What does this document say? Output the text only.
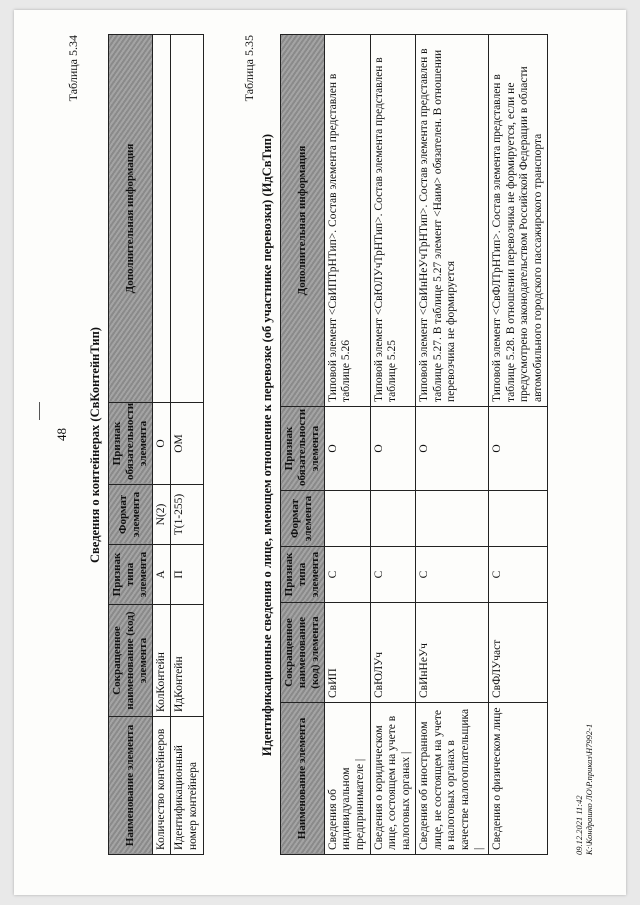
48
Таблица 5.34
Сведения о контейнерах (СвКонтейнТип)
Наименование элемента	Сокращенное наименование (код) элемента	Признак типа элемента	Формат элемента	Признак обязательности элемента	Дополнительная информация
Количество контейнеров	КолКонтейн	А	N(2)	О	
Идентификационный номер контейнера	ИдКонтейн	П	T(1-255)	ОМ	
Таблица 5.35
Идентификационные сведения о лице, имеющем отношение к перевозке (об участнике перевозки) (ИдСвТип)
Наименование элемента	Сокращенное наименование (код) элемента	Признак типа элемента	Формат элемента	Признак обязательности элемента	Дополнительная информация
Сведения об индивидуальном предпринимателе |	СвИП	С		О	Типовой элемент <СвИПТрНТип>. Состав элемента представлен в таблице 5.26
Сведения о юридическом лице, состоящем на учете в налоговых органах |	СвЮЛУч	С		О	Типовой элемент <СвЮЛУчТрНТип>. Состав элемента представлен в таблице 5.25
Сведения об иностранном лице, не состоящем на учете в налоговых органах в качестве налогоплательщика |	СвИнНеУч	С		О	Типовой элемент <СвИнНеУчТрНТип>. Состав элемента представлен в таблице 5.27. В таблице 5.27 элемент <Наим> обязателен. В отношении перевозчика не формируется
Сведения о физическом лице	СвФЛУчаст	С		О	Типовой элемент <СвФЛТрНТип>. Состав элемента представлен в таблице 5.28. В отношении перевозчика не формируется, если не предусмотрено законодательством Российской Федерации в области автомобильного городского пассажирского транспорта
09.12.2021 11:42 К:\Кондрашко ЛО\Р.приказ\Н7992-1
